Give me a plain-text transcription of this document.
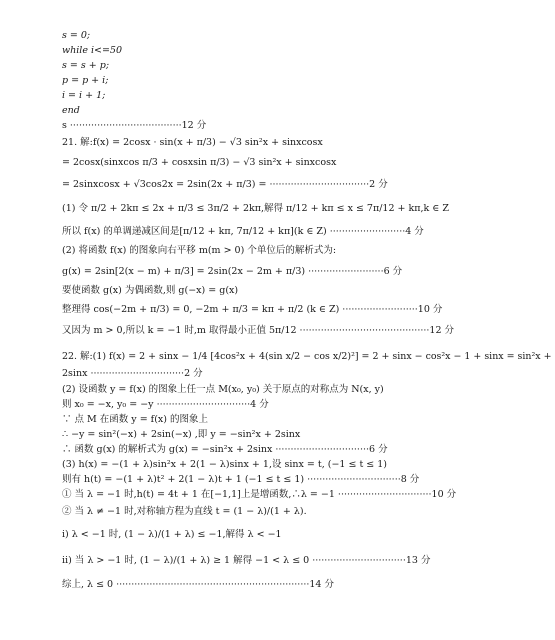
s = 0;
while i<=50
s = s + p;
p = p + i;
i = i + 1;
end
s ·····································12 分
21. 解:f(x) = 2cosx · sin(x + π/3) − √3 sin²x + sinxcosx
= 2cosx(sinxcos π/3 + cosxsin π/3) − √3 sin²x + sinxcosx
= 2sinxcosx + √3cos2x = 2sin(2x + π/3) = ·································2 分
(1) 令 π/2 + 2kπ ≤ 2x + π/3 ≤ 3π/2 + 2kπ,解得 π/12 + kπ ≤ x ≤ 7π/12 + kπ,k ∈ Z
所以 f(x) 的单调递减区间是[π/12 + kπ, 7π/12 + kπ](k ∈ Z) ·························4 分
(2) 将函数 f(x) 的图象向右平移 m(m > 0) 个单位后的解析式为:
g(x) = 2sin[2(x − m) + π/3] = 2sin(2x − 2m + π/3) ·························6 分
要使函数 g(x) 为偶函数,则 g(−x) = g(x)
整理得 cos(−2m + π/3) = 0, −2m + π/3 = kπ + π/2 (k ∈ Z) ·························10 分
又因为 m > 0,所以 k = −1 时,m 取得最小正值 5π/12 ···········································12 分
22. 解:(1) f(x) = 2 + sinx − 1/4 [4cos²x + 4(sin x/2 − cos x/2)²] = 2 + sinx − cos²x − 1 + sinx = sin²x +
2sinx ·······························2 分
(2) 设函数 y = f(x) 的图象上任一点 M(x₀, y₀) 关于原点的对称点为 N(x, y)
则 x₀ = −x, y₀ = −y ·······························4 分
∵ 点 M 在函数 y = f(x) 的图象上
∴ −y = sin²(−x) + 2sin(−x) ,即 y = −sin²x + 2sinx
∴ 函数 g(x) 的解析式为 g(x) = −sin²x + 2sinx ·······························6 分
(3) h(x) = −(1 + λ)sin²x + 2(1 − λ)sinx + 1,设 sinx = t, (−1 ≤ t ≤ 1)
则有 h(t) = −(1 + λ)t² + 2(1 − λ)t + 1 (−1 ≤ t ≤ 1) ·······························8 分
① 当 λ = −1 时,h(t) = 4t + 1 在[−1,1]上是增函数,∴λ = −1 ·······························10 分
② 当 λ ≠ −1 时,对称轴方程为直线 t = (1 − λ)/(1 + λ).
ⅰ) λ < −1 时, (1 − λ)/(1 + λ) ≤ −1,解得 λ < −1
ⅱ) 当 λ > −1 时, (1 − λ)/(1 + λ) ≥ 1 解得 −1 < λ ≤ 0 ·······························13 分
综上, λ ≤ 0 ································································14 分
